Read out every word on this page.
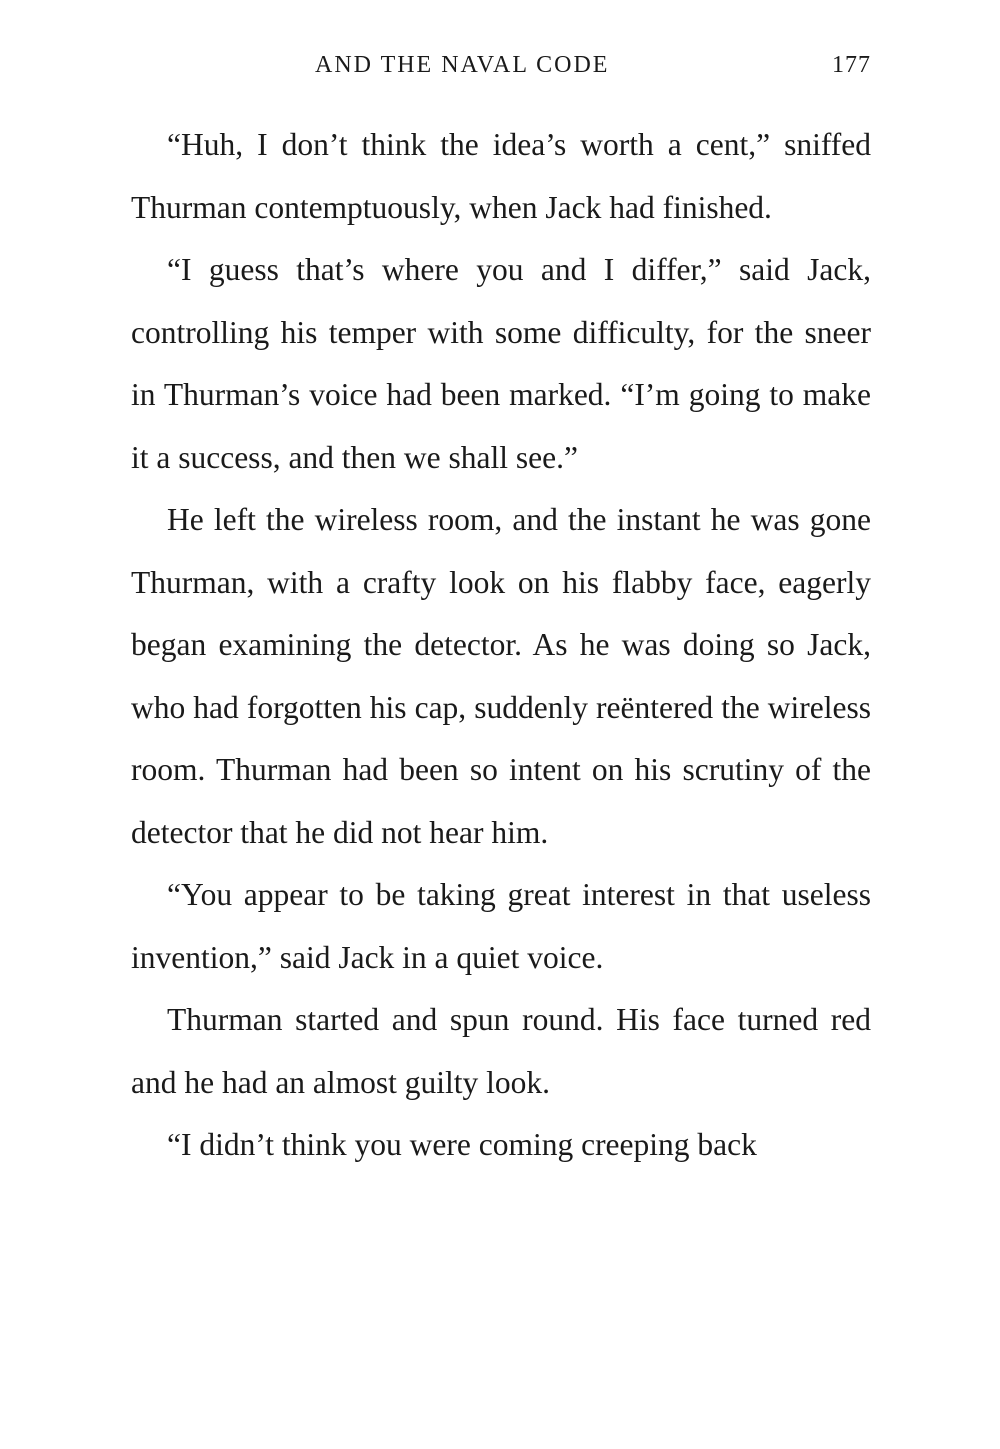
AND THE NAVAL CODE	177

“Huh, I don’t think the idea’s worth a cent,” sniffed Thurman contemptuously, when Jack had finished.

“I guess that’s where you and I differ,” said Jack, controlling his temper with some difficulty, for the sneer in Thurman’s voice had been marked. “I’m going to make it a success, and then we shall see.”

He left the wireless room, and the instant he was gone Thurman, with a crafty look on his flabby face, eagerly began examining the detector. As he was doing so Jack, who had forgotten his cap, suddenly reëntered the wireless room. Thurman had been so intent on his scrutiny of the detector that he did not hear him.

“You appear to be taking great interest in that useless invention,” said Jack in a quiet voice.

Thurman started and spun round. His face turned red and he had an almost guilty look.

“I didn’t think you were coming creeping back
